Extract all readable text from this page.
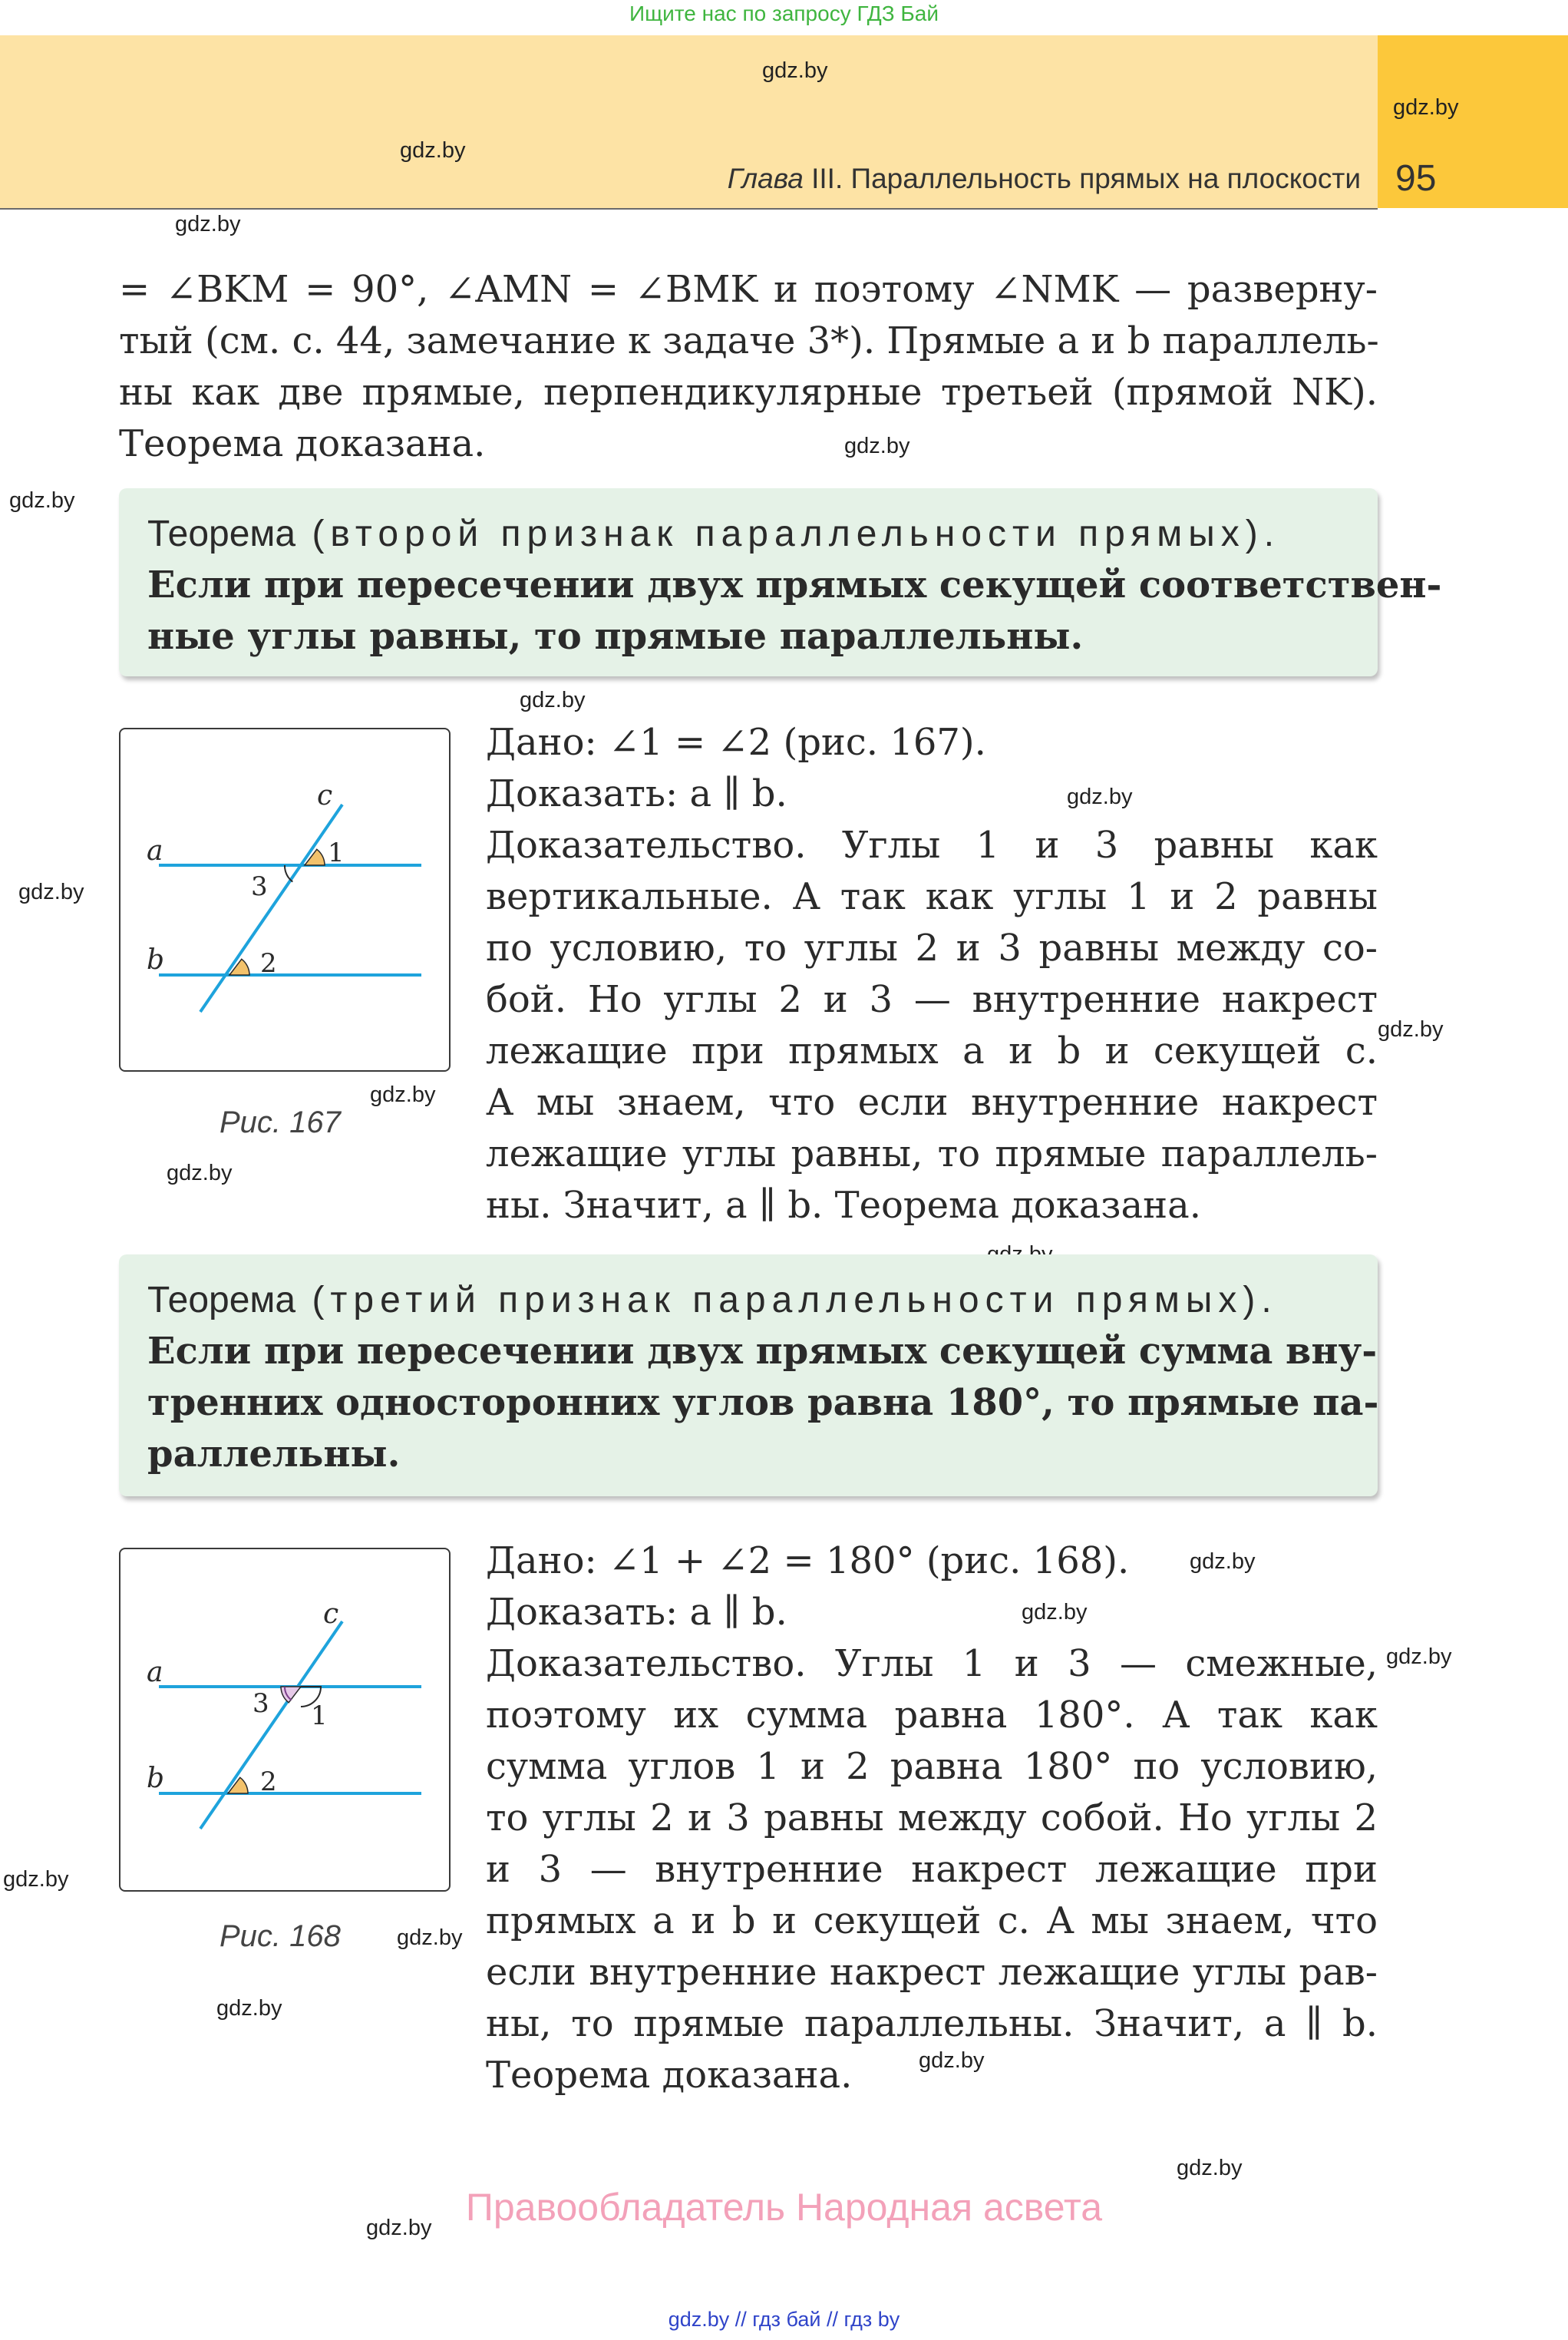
Ищите нас по запросу ГДЗ Бай
Глава III. Параллельность прямых на плоскости 95
gdz.by
gdz.by
gdz.by
gdz.by
gdz.by
gdz.by
gdz.by
gdz.by
gdz.by
gdz.by
gdz.by
gdz.by
gdz.by
gdz.by
gdz.by
gdz.by
gdz.by
gdz.by
gdz.by
gdz.by
gdz.by
= ∠BKM = 90°, ∠AMN = ∠BMK и поэтому ∠NMK — разверну-
тый (см. с. 44, замечание к задаче 3*). Прямые a и b параллель-
ны как две прямые, перпендикулярные третьей (прямой NK).
Теорема доказана.
Теорема (второй признак параллельности прямых).
Если при пересечении двух прямых секущей соответствен-
ные углы равны, то прямые параллельны.
c
a
b
1
2
3
Рис. 167
Дано: ∠1 = ∠2 (рис. 167).
Доказать: a ∥ b.
Доказательство. Углы 1 и 3 равны как
вертикальные. А так как углы 1 и 2 равны
по условию, то углы 2 и 3 равны между со-
бой. Но углы 2 и 3 — внутренние накрест
лежащие при прямых a и b и секущей c.
А мы знаем, что если внутренние накрест
лежащие углы равны, то прямые параллель-
ны. Значит, a ∥ b. Теорема доказана.
Теорема (третий признак параллельности прямых).
Если при пересечении двух прямых секущей сумма вну-
тренних односторонних углов равна 180°, то прямые па-
раллельны.
c
a
b
1
2
3
Рис. 168
Дано: ∠1 + ∠2 = 180° (рис. 168).
Доказать: a ∥ b.
Доказательство. Углы 1 и 3 — смежные,
поэтому их сумма равна 180°. А так как
сумма углов 1 и 2 равна 180° по условию,
то углы 2 и 3 равны между собой. Но углы 2
и 3 — внутренние накрест лежащие при
прямых a и b и секущей c. А мы знаем, что
если внутренние накрест лежащие углы рав-
ны, то прямые параллельны. Значит, a ∥ b.
Теорема доказана.
Правообладатель Народная асвета
gdz.by // гдз бай // гдз by
